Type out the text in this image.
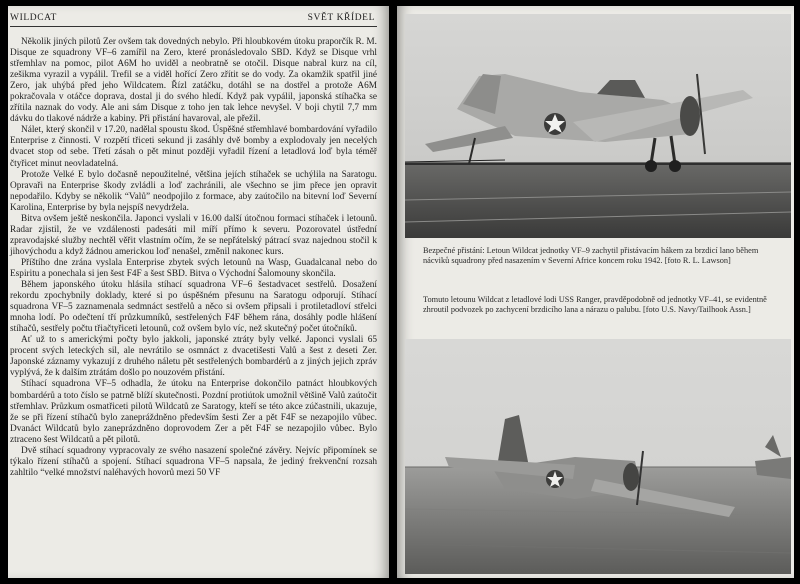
WILDCAT	SVĚT KŘÍDEL

Několik jiných pilotů Zer ovšem tak dovedných nebylo. Při hloubkovém útoku praporčík R. M. Disque ze squadrony VF–6 zamířil na Zero, které pronásledovalo SBD. Když se Disque vrhl střemhlav na pomoc, pilot A6M ho uviděl a neobratně se otočil. Disque nabral kurz na cíl, zešikma vyrazil a vypálil. Trefil se a viděl hořící Zero zřítit se do vody. Za okamžik spatřil jiné Zero, jak uhýbá před jeho Wildcatem. Řízl zatáčku, dotáhl se na dostřel a protože A6M pokračovala v otáčce doprava, dostal ji do svého hledí. Když pak vypálil, japonská stíhačka se zřítila naznak do vody. Ale ani sám Disque z toho jen tak lehce nevyšel. V boji chytil 7,7 mm dávku do tlakové nádrže a kabiny. Při přistání havaroval, ale přežil.

Nálet, který skončil v 17.20, nadělal spoustu škod. Úspěšné střemhlavé bombardování vyřadilo Enterprise z činnosti. V rozpětí třiceti sekund ji zasáhly dvě bomby a explodovaly jen necelých dvacet stop od sebe. Třetí zásah o pět minut později vyřadil řízení a letadlová loď byla téměř čtyřicet minut neovladatelná.

Protože Velké E bylo dočasně nepoužitelné, většina jejích stíhaček se uchýlila na Saratogu. Opravaři na Enterprise škody zvládli a loď zachránili, ale všechno se jim přece jen opravit nepodařilo. Kdyby se několik “Valů” neodpojilo z formace, aby zaútočilo na bitevní loď Severní Karolina, Enterprise by byla nejspíš nevydržela.

Bitva ovšem ještě neskončila. Japonci vyslali v 16.00 další útočnou formaci stíhaček i letounů. Radar zjistil, že ve vzdálenosti padesáti mil míří přímo k severu. Pozorovatel ústřední zpravodajské služby nechtěl věřit vlastním očím, že se nepřátelský pátrací svaz najednou stočil k jihovýchodu a když žádnou americkou loď nenašel, změnil nakonec kurs.

Příštího dne zrána vyslala Enterprise zbytek svých letounů na Wasp, Guadalcanal nebo do Espiritu a ponechala si jen šest F4F a šest SBD. Bitva o Východní Šalomouny skončila.

Během japonského útoku hlásila stíhací squadrona VF–6 šestadvacet sestřelů. Dosažení rekordu zpochybnily doklady, které si po úspěšném přesunu na Saratogu odporují. Stíhací squadrona VF–5 zaznamenala sedmnáct sestřelů a něco si ovšem připsali i protiletadloví střelci mnoha lodí. Po odečtení tří průzkumníků, sestřelených F4F během rána, dosáhly podle hlášení stíhačů, sestřely počtu třiačtyřiceti letounů, což ovšem bylo víc, než skutečný počet útočníků.

Ať už to s americkými počty bylo jakkoli, japonské ztráty byly velké. Japonci vyslali 65 procent svých leteckých sil, ale nevrátilo se osmnáct z dvacetišesti Valů a šest z deseti Zer. Japonské záznamy vykazují z druhého náletu pět sestřelených bombardérů a z jiných jejich zpráv vyplývá, že k dalším ztrátám došlo po nouzovém přistání.

Stíhací squadrona VF–5 odhadla, že útoku na Enterprise dokončilo patnáct hloubkových bombardérů a toto číslo se patrně blíží skutečnosti. Pozdní protiútok umožnil většině Valů zaútočit střemhlav. Průzkum osmatřiceti pilotů Wildcatů ze Saratogy, kteří se této akce zúčastnili, ukazuje, že se při řízení stíhačů bylo zanepráždněno především šesti Zer a pět F4F se nezapojilo vůbec. Dvanáct Wildcatů bylo zaneprázdněno doprovodem Zer a pět F4F se nezapojilo vůbec. Bylo ztraceno šest Wildcatů a pět pilotů.

Dvě stíhací squadrony vypracovaly ze svého nasazení společné závěry. Nejvíc připomínek se týkalo řízení stíhačů a spojení. Stíhací squadrona VF–5 napsala, že jediný frekvenční rozsah zahltilo “velké množství naléhavých hovorů mezi 50 VF

Bezpečné přistání: Letoun Wildcat jednotky VF–9 zachytil přistávacím hákem za brzdicí lano během nácviků squadrony před nasazením v Severní Africe koncem roku 1942. [foto R. L. Lawson]
Tomuto letounu Wildcat z letadlové lodi USS Ranger, pravděpodobně od jednotky VF–41, se evidentně zhroutil podvozek po zachycení brzdicího lana a nárazu o palubu. [foto U.S. Navy/Tailhook Assn.]
